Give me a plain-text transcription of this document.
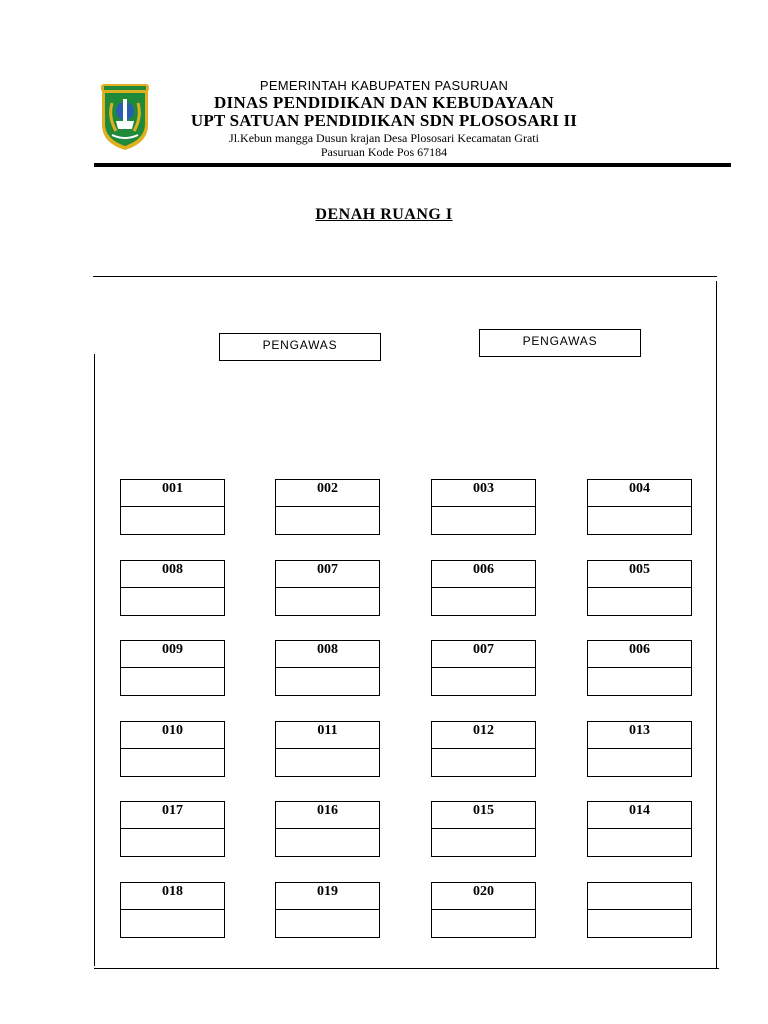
PEMERINTAH KABUPATEN PASURUAN
DINAS PENDIDIKAN DAN KEBUDAYAAN
UPT SATUAN PENDIDIKAN SDN PLOSOSARI II
Jl.Kebun mangga Dusun krajan Desa Plososari Kecamatan Grati
Pasuruan Kode Pos 67184
DENAH RUANG I
PENGAWAS	PENGAWAS
001	002	003	004
008	007	006	005
009	008	007	006
010	011	012	013
017	016	015	014
018	019	020
